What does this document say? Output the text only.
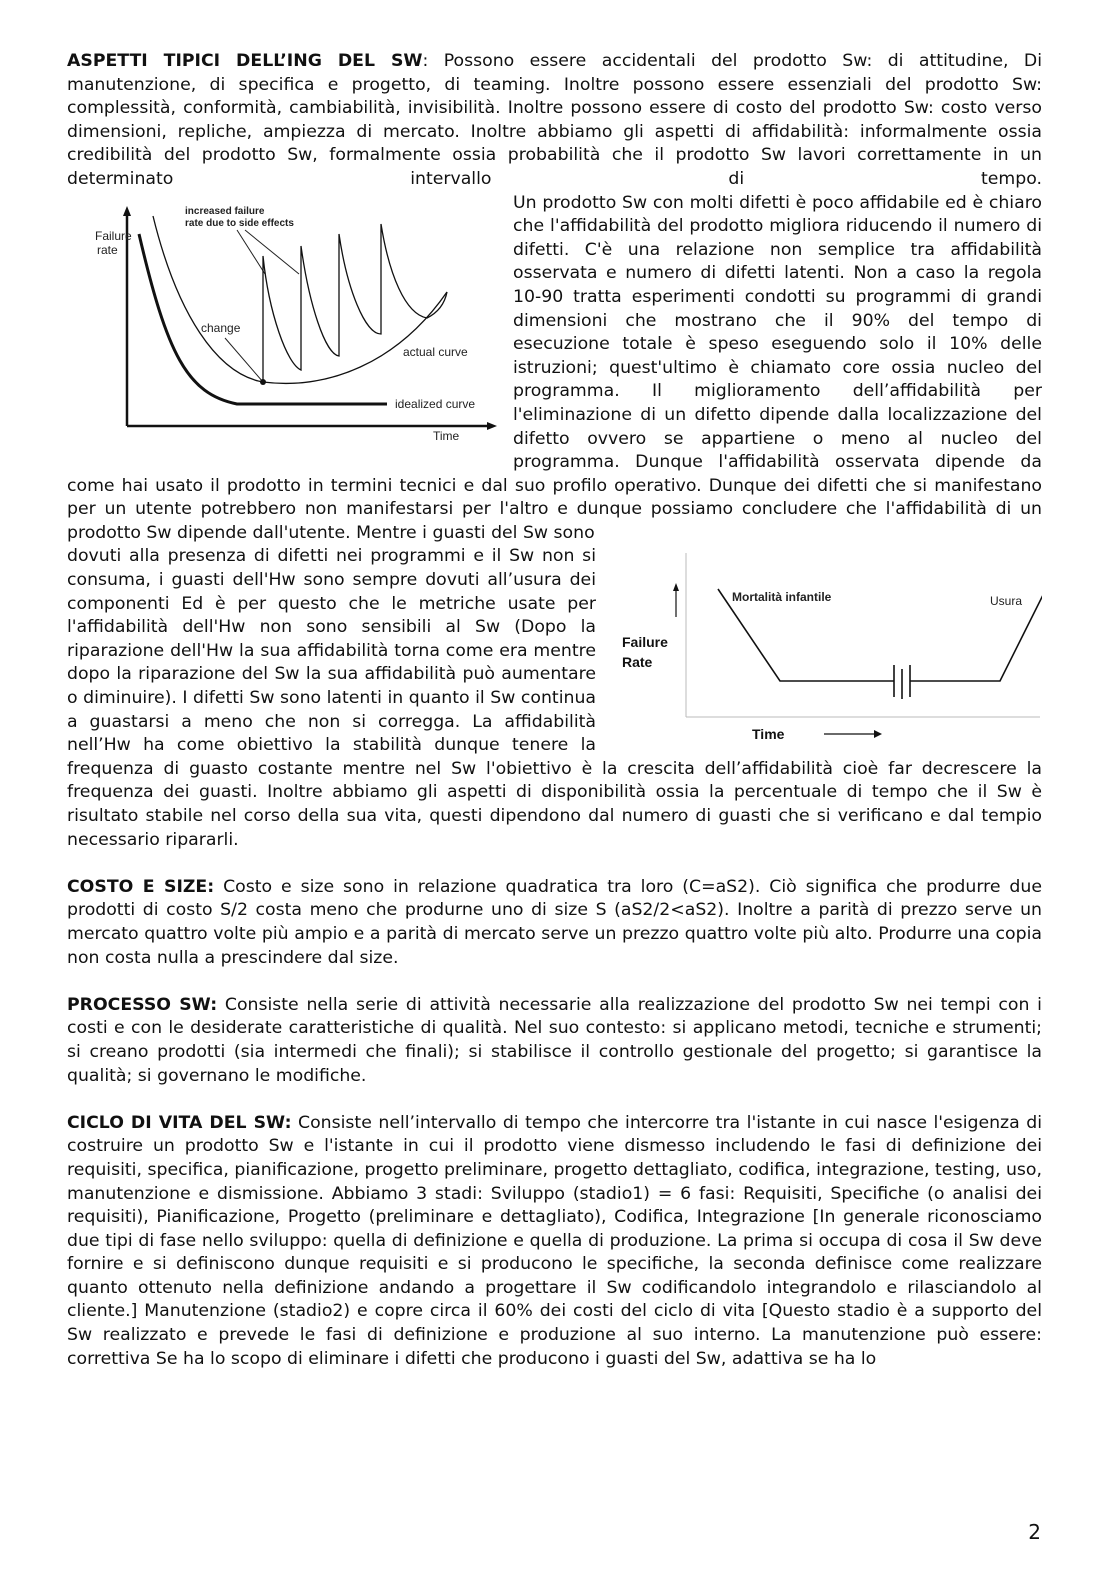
ASPETTI TIPICI DELL’ING DEL SW: Possono essere accidentali del prodotto Sw: di attitudine, Di manutenzione, di specifica e progetto, di teaming. Inoltre possono essere essenziali del prodotto Sw: complessità, conformità, cambiabilità, invisibilità. Inoltre possono essere di costo del prodotto Sw: costo verso dimensioni, repliche, ampiezza di mercato. Inoltre abbiamo gli aspetti di affidabilità: informalmente ossia credibilità del prodotto Sw, formalmente ossia probabilità che il prodotto Sw lavori correttamente in un determinato intervallo di tempo.

Failure
rate
Time
increased failure
rate due to side effects
change
idealized curve
actual curve
Un prodotto Sw con molti difetti è poco affidabile ed è chiaro che l'affidabilità del prodotto migliora riducendo il numero di difetti. C'è una relazione non semplice tra affidabilità osservata e numero di difetti latenti. Non a caso la regola 10-90 tratta esperimenti condotti su programmi di grandi dimensioni che mostrano che il 90% del tempo di esecuzione totale è speso eseguendo solo il 10% delle istruzioni; quest'ultimo è chiamato core ossia nucleo del programma. Il miglioramento dell’affidabilità per l'eliminazione di un difetto dipende dalla localizzazione del difetto ovvero se appartiene o meno al nucleo del programma. Dunque l'affidabilità osservata dipende da come hai usato il prodotto in termini tecnici e dal suo profilo operativo. Dunque dei difetti che si manifestano per un utente potrebbero non manifestarsi per l'altro e dunque possiamo concludere che l'affidabilità di un prodotto Sw dipende dall'utente. Mentre i guasti del Sw sono

Failure
Rate
Time
Mortalità infantile	Usura
dovuti alla presenza di difetti nei programmi e il Sw non si consuma, i guasti dell'Hw sono sempre dovuti all’usura dei componenti Ed è per questo che le metriche usate per l'affidabilità dell'Hw non sono sensibili al Sw (Dopo la riparazione dell'Hw la sua affidabilità torna come era mentre dopo la riparazione del Sw la sua affidabilità può aumentare o diminuire). I difetti Sw sono latenti in quanto il Sw continua a guastarsi a meno che non si corregga. La affidabilità nell’Hw ha come obiettivo la stabilità dunque tenere la frequenza di guasto costante mentre nel Sw l'obiettivo è la crescita dell’affidabilità cioè far decrescere la frequenza dei guasti. Inoltre abbiamo gli aspetti di disponibilità ossia la percentuale di tempo che il Sw è risultato stabile nel corso della sua vita, questi dipendono dal numero di guasti che si verificano e dal tempio necessario ripararli.

COSTO E SIZE: Costo e size sono in relazione quadratica tra loro (C=aS2). Ciò significa che produrre due prodotti di costo S/2 costa meno che produrne uno di size S (aS2/2<aS2). Inoltre a parità di prezzo serve un mercato quattro volte più ampio e a parità di mercato serve un prezzo quattro volte più alto. Produrre una copia non costa nulla a prescindere dal size.

PROCESSO SW: Consiste nella serie di attività necessarie alla realizzazione del prodotto Sw nei tempi con i costi e con le desiderate caratteristiche di qualità. Nel suo contesto: si applicano metodi, tecniche e strumenti; si creano prodotti (sia intermedi che finali); si stabilisce il controllo gestionale del progetto; si garantisce la qualità; si governano le modifiche.

CICLO DI VITA DEL SW: Consiste nell’intervallo di tempo che intercorre tra l'istante in cui nasce l'esigenza di costruire un prodotto Sw e l'istante in cui il prodotto viene dismesso includendo le fasi di definizione dei requisiti, specifica, pianificazione, progetto preliminare, progetto dettagliato, codifica, integrazione, testing, uso, manutenzione e dismissione. Abbiamo 3 stadi: Sviluppo (stadio1) = 6 fasi: Requisiti, Specifiche (o analisi dei requisiti), Pianificazione, Progetto (preliminare e dettagliato), Codifica, Integrazione [In generale riconosciamo due tipi di fase nello sviluppo: quella di definizione e quella di produzione. La prima si occupa di cosa il Sw deve fornire e si definiscono dunque requisiti e si producono le specifiche, la seconda definisce come realizzare quanto ottenuto nella definizione andando a progettare il Sw codificandolo integrandolo e rilasciandolo al cliente.] Manutenzione (stadio2) e copre circa il 60% dei costi del ciclo di vita [Questo stadio è a supporto del Sw realizzato e prevede le fasi di definizione e produzione al suo interno. La manutenzione può essere: correttiva Se ha lo scopo di eliminare i difetti che producono i guasti del Sw, adattiva se ha lo

2
